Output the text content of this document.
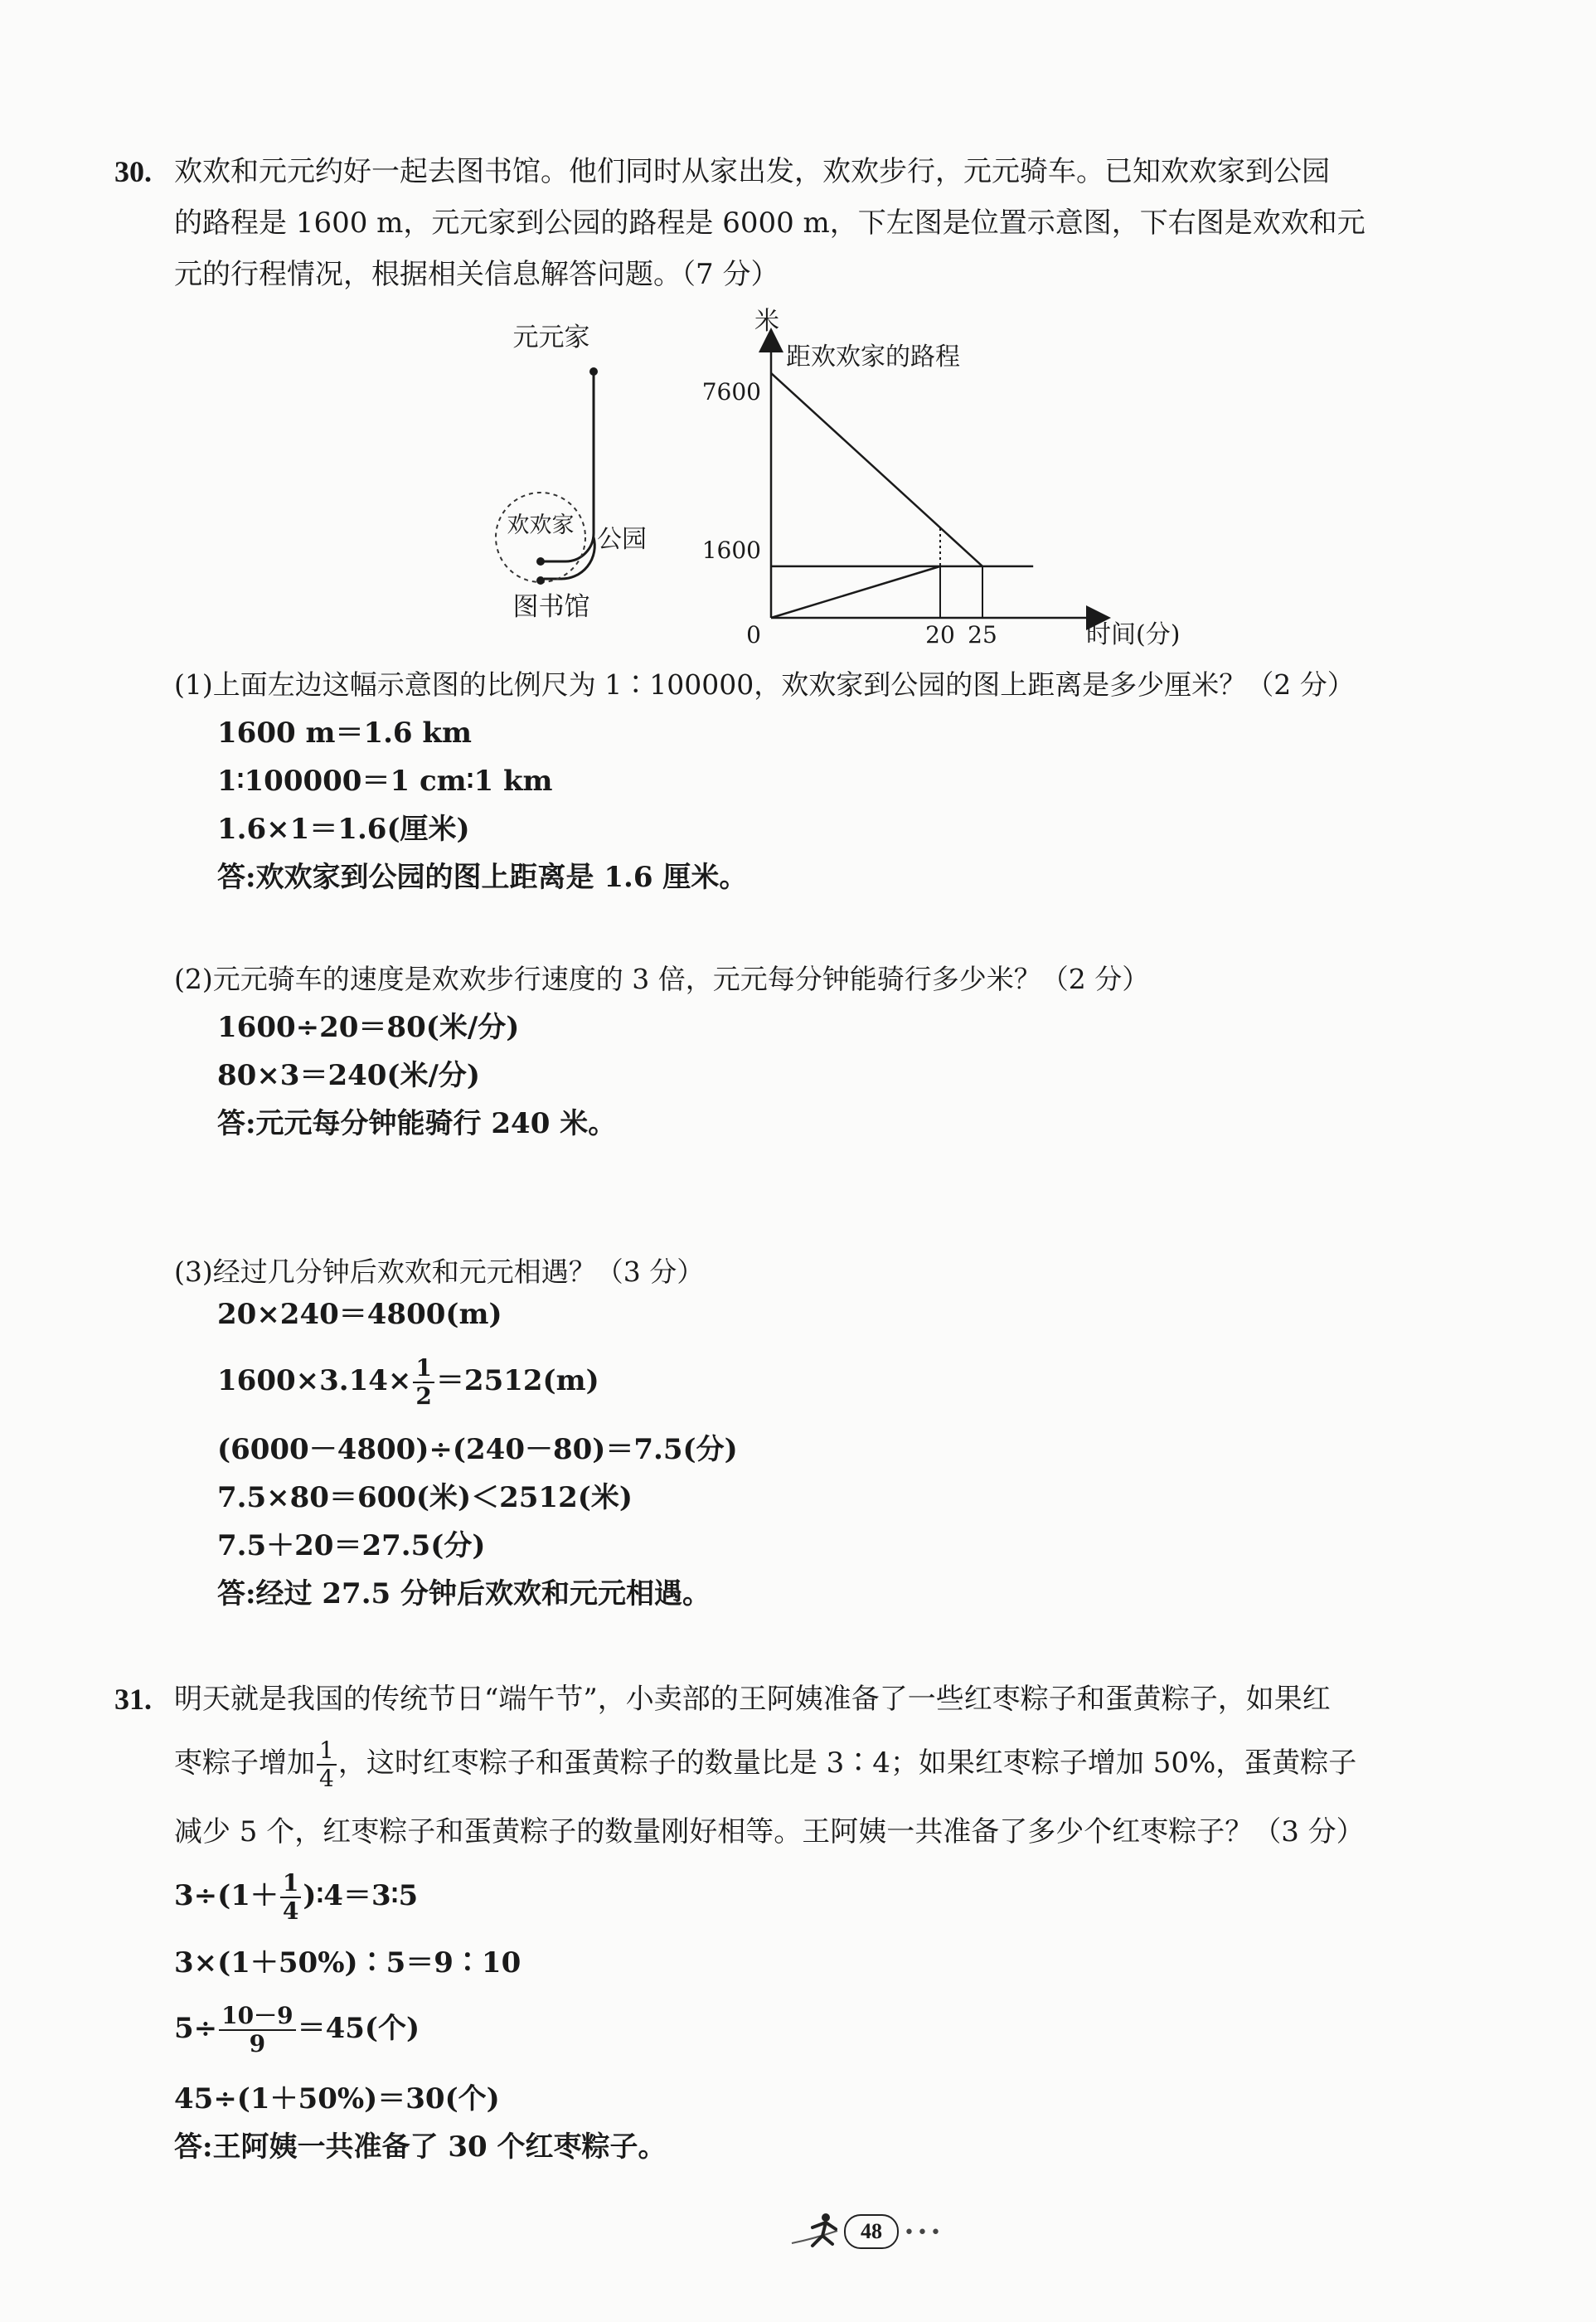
30. 欢欢和元元约好一起去图书馆。他们同时从家出发，欢欢步行，元元骑车。已知欢欢家到公园
的路程是 1600 m，元元家到公园的路程是 6000 m，下左图是位置示意图，下右图是欢欢和元
元的行程情况，根据相关信息解答问题。（7 分）
元元家
欢欢家 公园
图书馆
米
距欢欢家的路程
7600
1600
0	20 25	时间(分)
(1)上面左边这幅示意图的比例尺为 1∶100000，欢欢家到公园的图上距离是多少厘米？（2 分）
1600 m＝1.6 km
1∶100000＝1 cm∶1 km
1.6×1＝1.6(厘米)
答:欢欢家到公园的图上距离是 1.6 厘米。
(2)元元骑车的速度是欢欢步行速度的 3 倍，元元每分钟能骑行多少米？（2 分）
1600÷20＝80(米/分)
80×3＝240(米/分)
答:元元每分钟能骑行 240 米。
(3)经过几分钟后欢欢和元元相遇？（3 分）
20×240＝4800(m)
$1600\times 3.14\times \frac{1}{2} =2512(m)$
(6000－4800)÷(240－80)＝7.5(分)
7.5×80＝600(米)＜2512(米)
7.5＋20＝27.5(分)
答:经过 27.5 分钟后欢欢和元元相遇。
31. 明天就是我国的传统节日“端午节”，小卖部的王阿姨准备了一些红枣粽子和蛋黄粽子，如果红
枣粽子增加 $\frac{1}{4}$ ，这时红枣粽子和蛋黄粽子的数量比是 3∶4；如果红枣粽子增加 50%，蛋黄粽子
减少 5 个，红枣粽子和蛋黄粽子的数量刚好相等。王阿姨一共准备了多少个红枣粽子？（3 分）
$3\div(1+ \frac{1}{4}$ )∶4＝3∶5
3×(1＋50%)∶5＝9∶10
$5\div \frac{10-9}{9} =45$(个)
45÷(1＋50%)＝30(个)
答:王阿姨一共准备了 30 个红枣粽子。
48	•••
